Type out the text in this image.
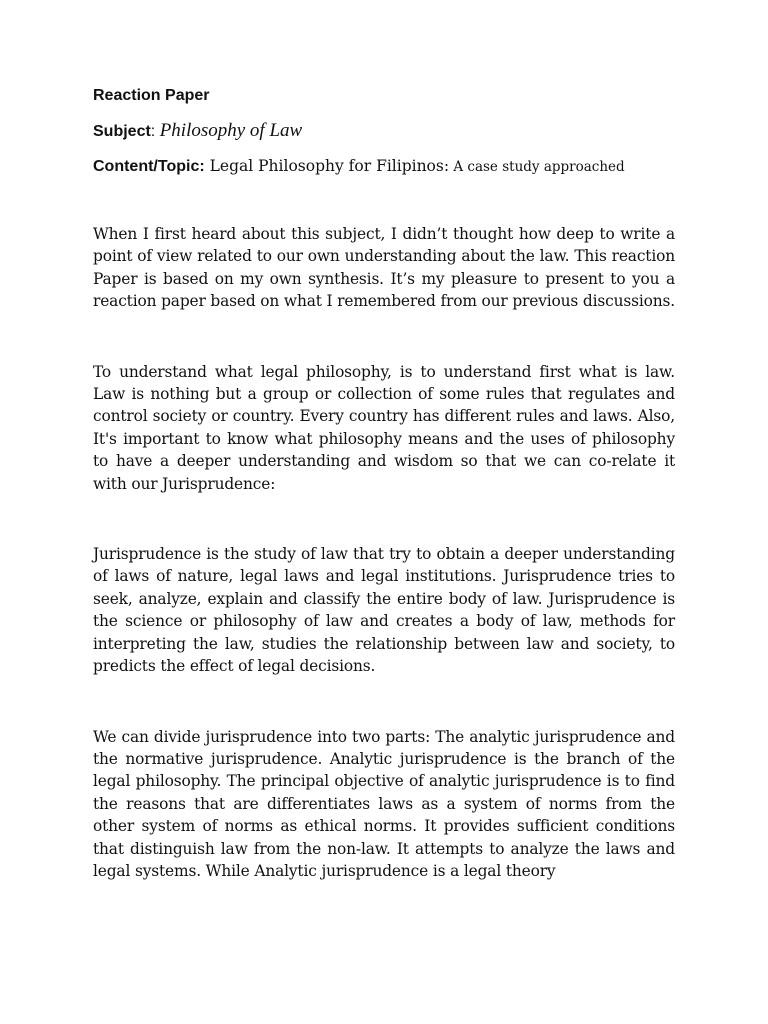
Reaction Paper

Subject: Philosophy of Law

Content/Topic: Legal Philosophy for Filipinos: A case study approached

When I first heard about this subject, I didn’t thought how deep to write a point of view related to our own understanding about the law. This reaction Paper is based on my own synthesis. It’s my pleasure to present to you a reaction paper based on what I remembered from our previous discussions.

To understand what legal philosophy, is to understand first what is law. Law is nothing but a group or collection of some rules that regulates and control society or country. Every country has different rules and laws. Also, It's important to know what philosophy means and the uses of philosophy to have a deeper understanding and wisdom so that we can co-relate it with our Jurisprudence:

Jurisprudence is the study of law that try to obtain a deeper understanding of laws of nature, legal laws and legal institutions. Jurisprudence tries to seek, analyze, explain and classify the entire body of law. Jurisprudence is the science or philosophy of law and creates a body of law, methods for interpreting the law, studies the relationship between law and society, to predicts the effect of legal decisions.

We can divide jurisprudence into two parts: The analytic jurisprudence and the normative jurisprudence. Analytic jurisprudence is the branch of the legal philosophy. The principal objective of analytic jurisprudence is to find the reasons that are differentiates laws as a system of norms from the other system of norms as ethical norms. It provides sufficient conditions that distinguish law from the non-law. It attempts to analyze the laws and legal systems. While Analytic jurisprudence is a legal theory
